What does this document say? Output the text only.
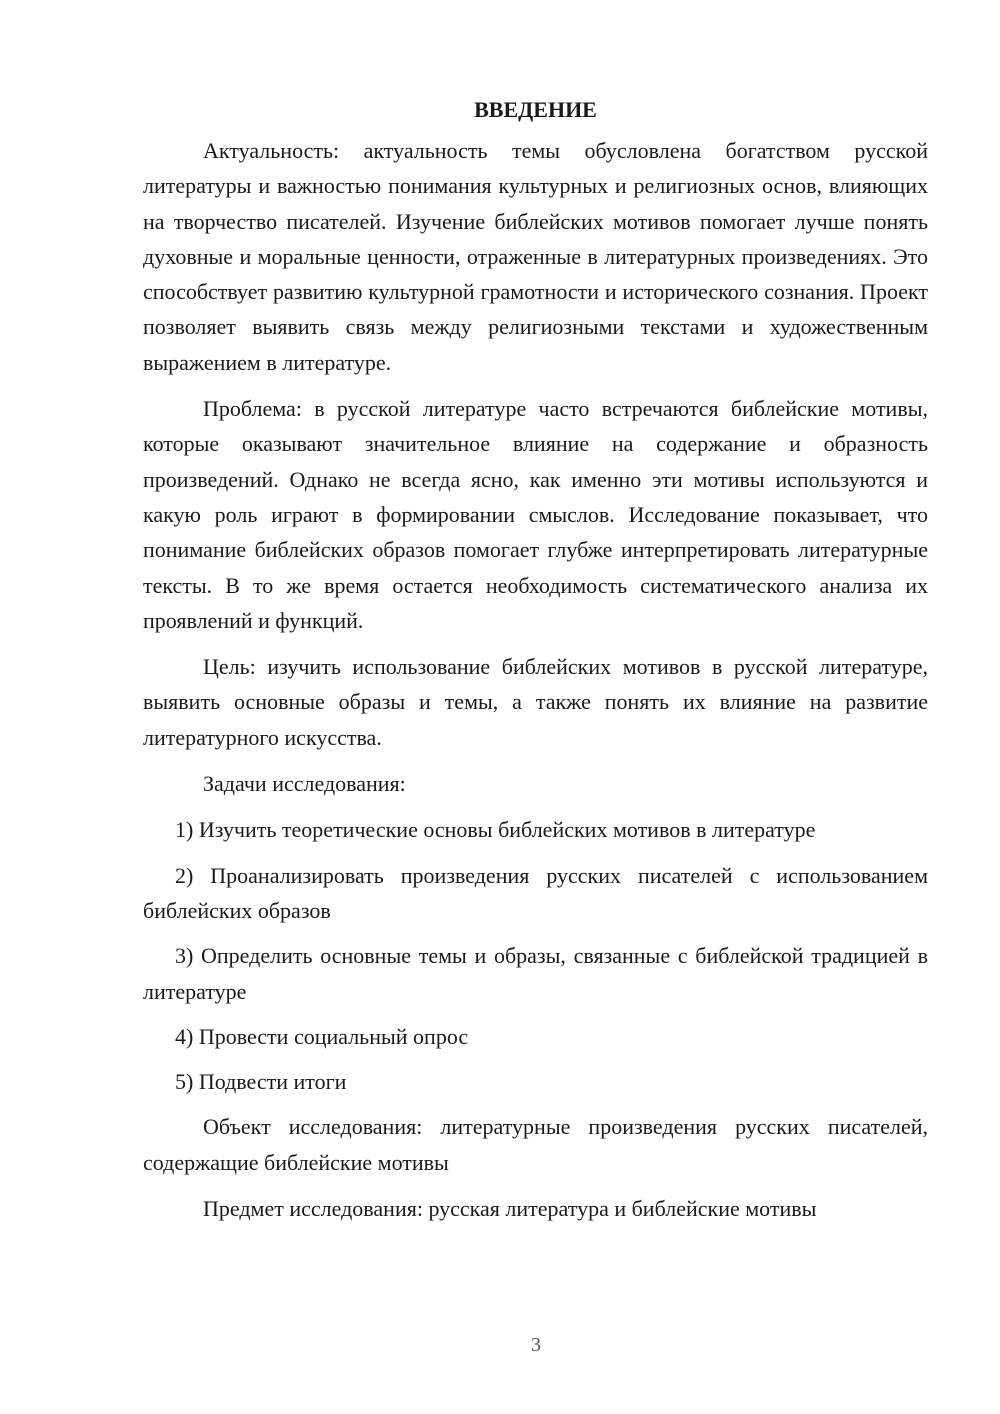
ВВЕДЕНИЕ

Актуальность: актуальность темы обусловлена богатством русской литературы и важностью понимания культурных и религиозных основ, влияющих на творчество писателей. Изучение библейских мотивов помогает лучше понять духовные и моральные ценности, отраженные в литературных произведениях. Это способствует развитию культурной грамотности и исторического сознания. Проект позволяет выявить связь между религиозными текстами и художественным выражением в литературе.

Проблема: в русской литературе часто встречаются библейские мотивы, которые оказывают значительное влияние на содержание и образность произведений. Однако не всегда ясно, как именно эти мотивы используются и какую роль играют в формировании смыслов. Исследование показывает, что понимание библейских образов помогает глубже интерпретировать литературные тексты. В то же время остается необходимость систематического анализа их проявлений и функций.

Цель: изучить использование библейских мотивов в русской литературе, выявить основные образы и темы, а также понять их влияние на развитие литературного искусства.

Задачи исследования:

1) Изучить теоретические основы библейских мотивов в литературе

2) Проанализировать произведения русских писателей с использованием библейских образов

3) Определить основные темы и образы, связанные с библейской традицией в литературе

4) Провести социальный опрос

5) Подвести итоги

Объект исследования: литературные произведения русских писателей, содержащие библейские мотивы

Предмет исследования: русская литература и библейские мотивы

3
